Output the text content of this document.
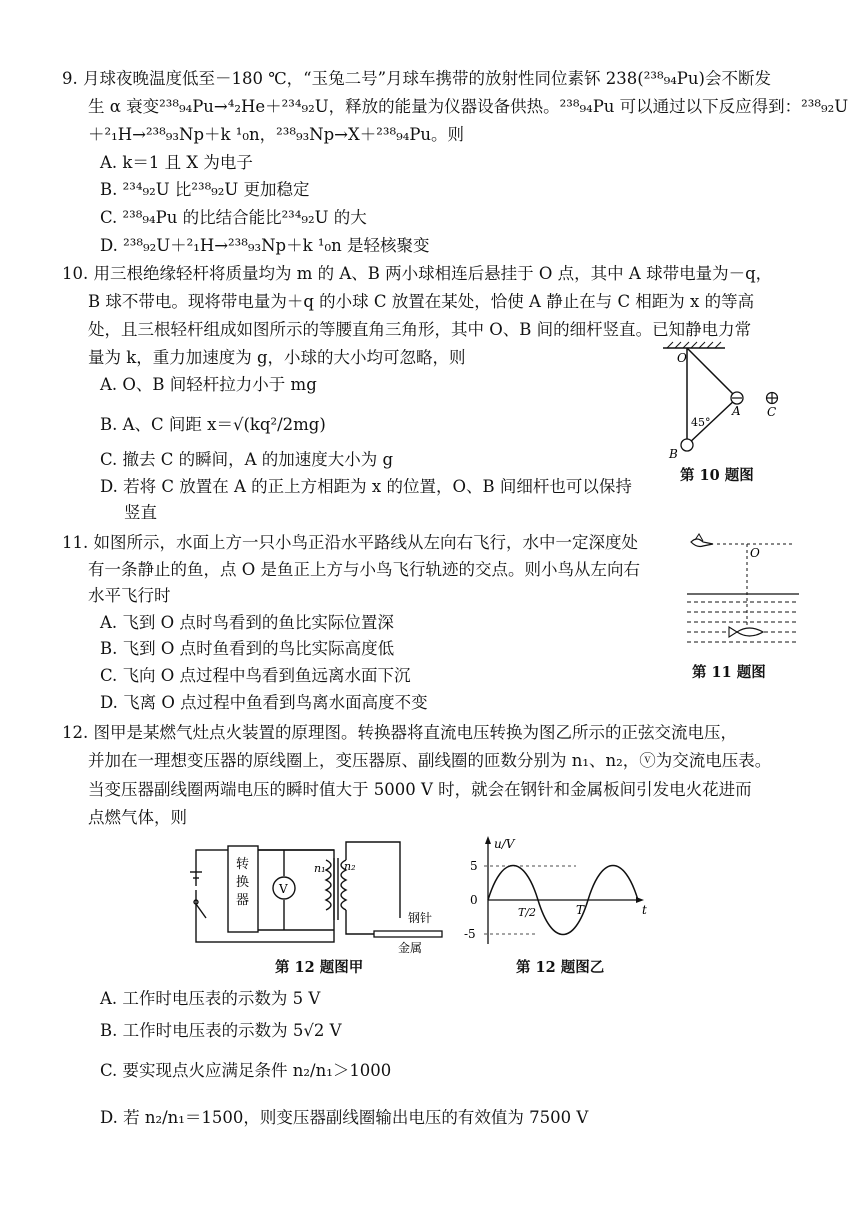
9. 月球夜晚温度低至－180 ℃，“玉兔二号”月球车携带的放射性同位素钚 238(²³⁸₉₄Pu)会不断发
生 α 衰变²³⁸₉₄Pu→⁴₂He＋²³⁴₉₂U，释放的能量为仪器设备供热。²³⁸₉₄Pu 可以通过以下反应得到：²³⁸₉₂U
＋²₁H→²³⁸₉₃Np＋k ¹₀n，²³⁸₉₃Np→X＋²³⁸₉₄Pu。则
A. k＝1 且 X 为电子
B. ²³⁴₉₂U 比²³⁸₉₂U 更加稳定
C. ²³⁸₉₄Pu 的比结合能比²³⁴₉₂U 的大
D. ²³⁸₉₂U＋²₁H→²³⁸₉₃Np＋k ¹₀n 是轻核聚变
10. 用三根绝缘轻杆将质量均为 m 的 A、B 两小球相连后悬挂于 O 点，其中 A 球带电量为－q，
B 球不带电。现将带电量为＋q 的小球 C 放置在某处，恰使 A 静止在与 C 相距为 x 的等高
处，且三根轻杆组成如图所示的等腰直角三角形，其中 O、B 间的细杆竖直。已知静电力常
量为 k，重力加速度为 g，小球的大小均可忽略，则
A. O、B 间轻杆拉力小于 mg
B. A、C 间距 x＝√(kq²/2mg)
C. 撤去 C 的瞬间，A 的加速度大小为 g
D. 若将 C 放置在 A 的正上方相距为 x 的位置，O、B 间细杆也可以保持
竖直
O
A
B
C
45°
第 10 题图
11. 如图所示，水面上方一只小鸟正沿水平路线从左向右飞行，水中一定深度处
有一条静止的鱼，点 O 是鱼正上方与小鸟飞行轨迹的交点。则小鸟从左向右
水平飞行时
A. 飞到 O 点时鸟看到的鱼比实际位置深
B. 飞到 O 点时鱼看到的鸟比实际高度低
C. 飞向 O 点过程中鸟看到鱼远离水面下沉
D. 飞离 O 点过程中鱼看到鸟离水面高度不变
O
第 11 题图
12. 图甲是某燃气灶点火装置的原理图。转换器将直流电压转换为图乙所示的正弦交流电压，
并加在一理想变压器的原线圈上，变压器原、副线圈的匝数分别为 n₁、n₂，ⓥ为交流电压表。
当变压器副线圈两端电压的瞬时值大于 5000 V 时，就会在钢针和金属板间引发电火花进而
点燃气体，则
转换器
V
n₁ n₂
钢针
金属
第 12 题图甲
u/V
t
5
0
-5
T/2	T
第 12 题图乙
A. 工作时电压表的示数为 5 V
B. 工作时电压表的示数为 5√2 V
C. 要实现点火应满足条件 n₂/n₁＞1000
D. 若 n₂/n₁＝1500，则变压器副线圈输出电压的有效值为 7500 V
